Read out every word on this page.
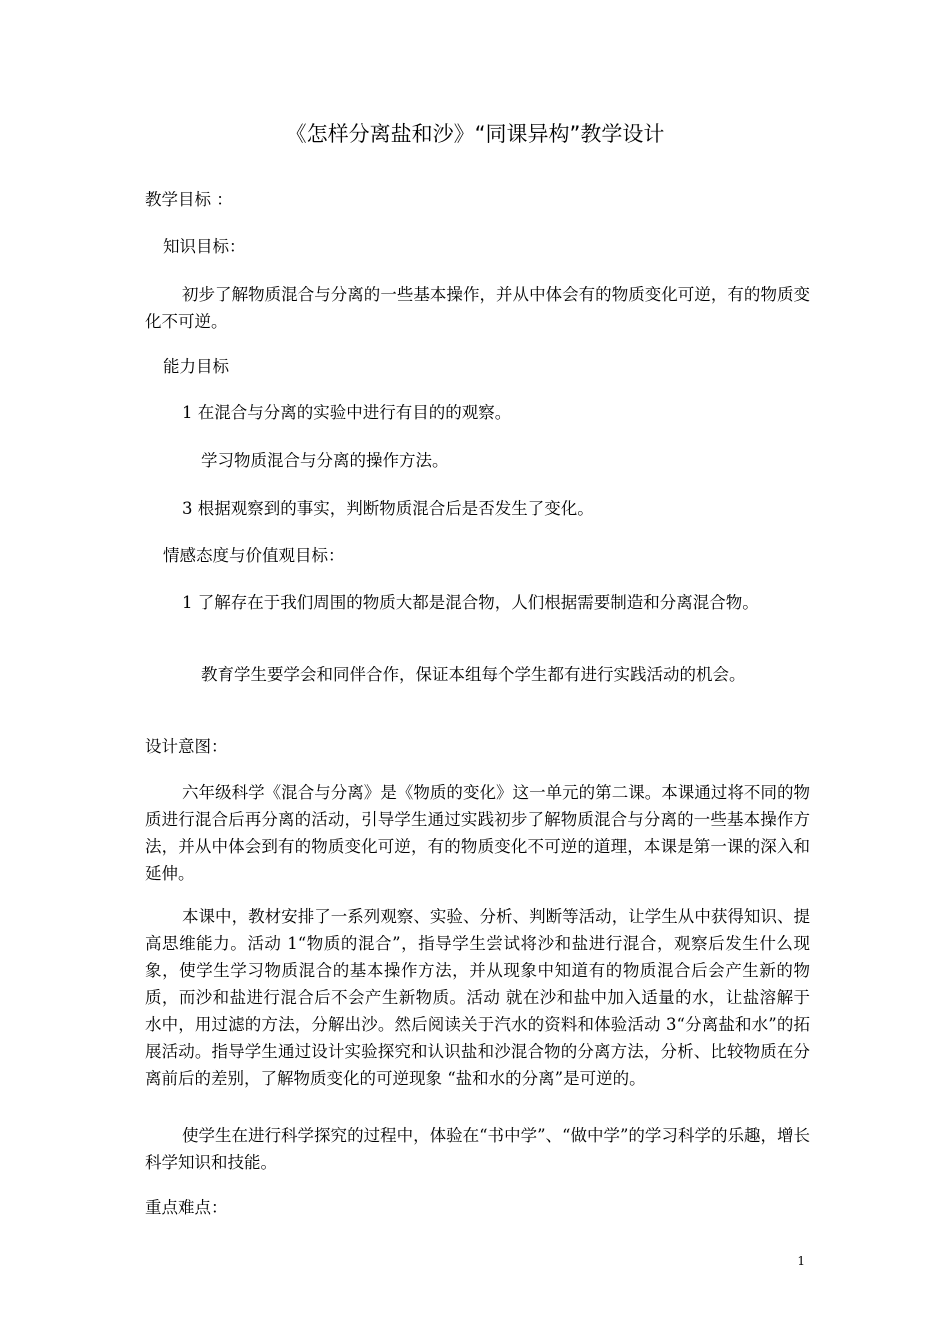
《怎样分离盐和沙》“同课异构”教学设计

教学目标 ：

知识目标：

初步了解物质混合与分离的一些基本操作，并从中体会有的物质变化可逆，有的物质变化不可逆。

能力目标

1 在混合与分离的实验中进行有目的的观察。

学习物质混合与分离的操作方法。

3 根据观察到的事实，判断物质混合后是否发生了变化。

情感态度与价值观目标：

1 了解存在于我们周围的物质大都是混合物，人们根据需要制造和分离混合物。

教育学生要学会和同伴合作，保证本组每个学生都有进行实践活动的机会。

设计意图：

六年级科学《混合与分离》是《物质的变化》这一单元的第二课。本课通过将不同的物质进行混合后再分离的活动，引导学生通过实践初步了解物质混合与分离的一些基本操作方法，并从中体会到有的物质变化可逆，有的物质变化不可逆的道理，本课是第一课的深入和延伸。

本课中，教材安排了一系列观察、实验、分析、判断等活动，让学生从中获得知识、提高思维能力。活动 1“物质的混合”，指导学生尝试将沙和盐进行混合，观察后发生什么现象，使学生学习物质混合的基本操作方法，并从现象中知道有的物质混合后会产生新的物质，而沙和盐进行混合后不会产生新物质。活动 就在沙和盐中加入适量的水，让盐溶解于水中，用过滤的方法，分解出沙。然后阅读关于汽水的资料和体验活动 3“分离盐和水”的拓展活动。指导学生通过设计实验探究和认识盐和沙混合物的分离方法，分析、比较物质在分离前后的差别，了解物质变化的可逆现象 “盐和水的分离”是可逆的。

使学生在进行科学探究的过程中，体验在“书中学”、“做中学”的学习科学的乐趣，增长科学知识和技能。

重点难点：

1
